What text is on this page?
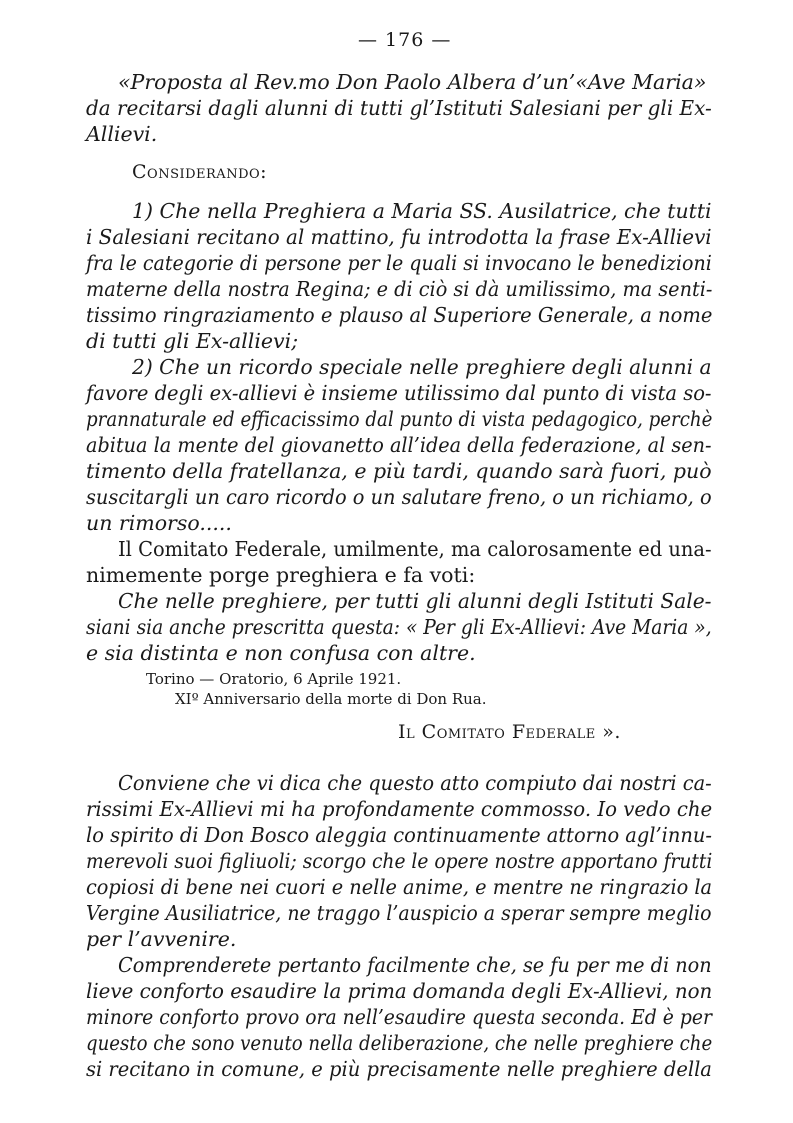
— 176 —
«Proposta al Rev.mo Don Paolo Albera d’un’«Ave Maria»
da recitarsi dagli alunni di tutti gl’Istituti Salesiani per gli Ex-
Allievi.
Considerando:
1) Che nella Preghiera a Maria SS. Ausilatrice, che tutti
i Salesiani recitano al mattino, fu introdotta la frase Ex-Allievi
fra le categorie di persone per le quali si invocano le benedizioni
materne della nostra Regina; e di ciò si dà umilissimo, ma senti-
tissimo ringraziamento e plauso al Superiore Generale, a nome
di tutti gli Ex-allievi;
2) Che un ricordo speciale nelle preghiere degli alunni a
favore degli ex-allievi è insieme utilissimo dal punto di vista so-
prannaturale ed efficacissimo dal punto di vista pedagogico, perchè
abitua la mente del giovanetto all’idea della federazione, al sen-
timento della fratellanza, e più tardi, quando sarà fuori, può
suscitargli un caro ricordo o un salutare freno, o un richiamo, o
un rimorso.....
Il Comitato Federale, umilmente, ma calorosamente ed una-
nimemente porge preghiera e fa voti:
Che nelle preghiere, per tutti gli alunni degli Istituti Sale-
siani sia anche prescritta questa: « Per gli Ex-Allievi: Ave Maria »,
e sia distinta e non confusa con altre.
Torino — Oratorio, 6 Aprile 1921.
XIº Anniversario della morte di Don Rua.
Il Comitato Federale ».
Conviene che vi dica che questo atto compiuto dai nostri ca-
rissimi Ex-Allievi mi ha profondamente commosso. Io vedo che
lo spirito di Don Bosco aleggia continuamente attorno agl’innu-
merevoli suoi figliuoli; scorgo che le opere nostre apportano frutti
copiosi di bene nei cuori e nelle anime, e mentre ne ringrazio la
Vergine Ausiliatrice, ne traggo l’auspicio a sperar sempre meglio
per l’avvenire.
Comprenderete pertanto facilmente che, se fu per me di non
lieve conforto esaudire la prima domanda degli Ex-Allievi, non
minore conforto provo ora nell’esaudire questa seconda. Ed è per
questo che sono venuto nella deliberazione, che nelle preghiere che
si recitano in comune, e più precisamente nelle preghiere della
